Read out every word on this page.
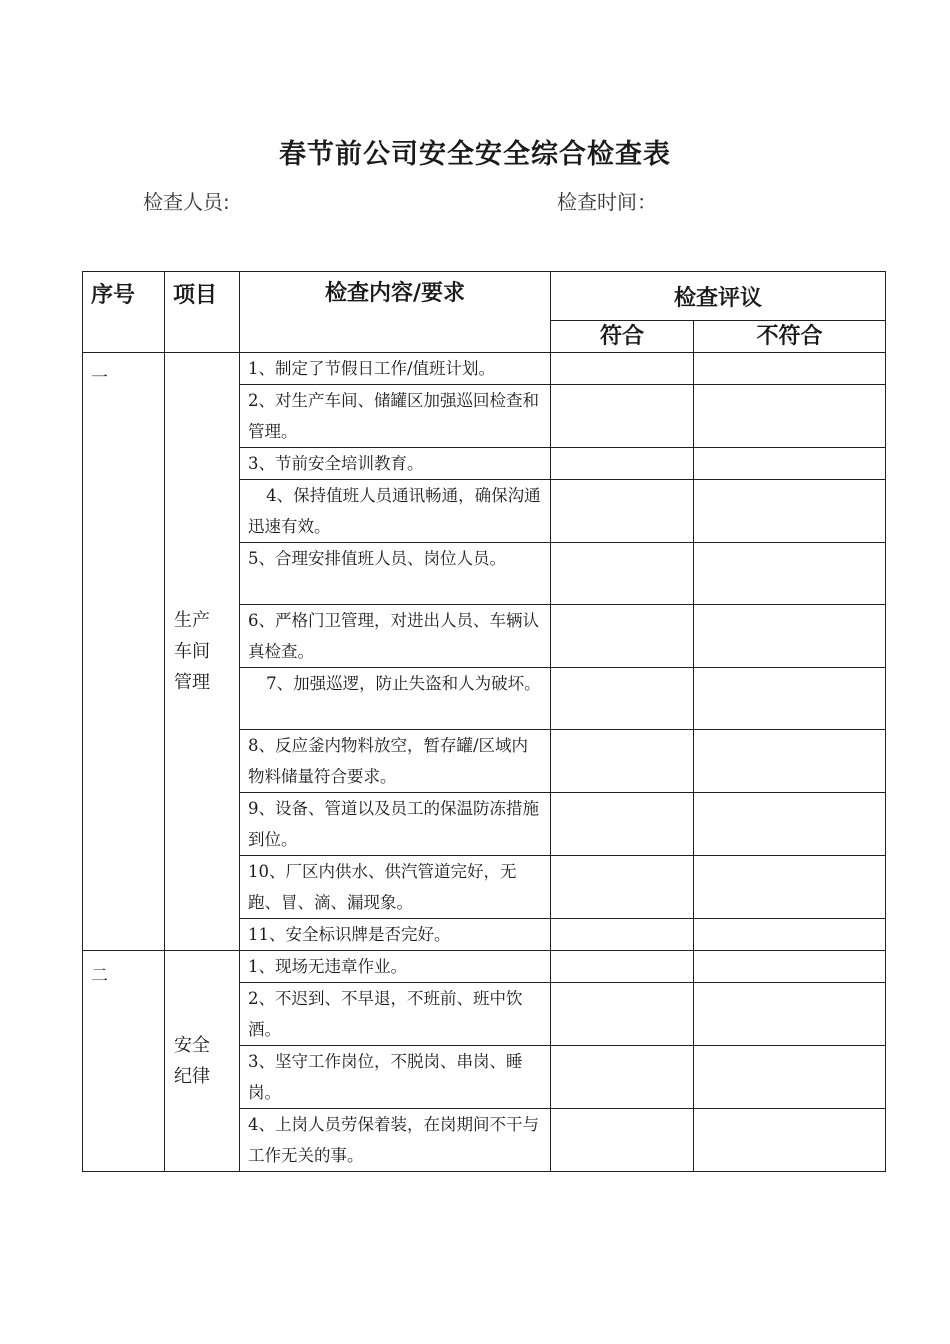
春节前公司安全安全综合检查表
检查人员:	检查时间：
序号	项目	检查内容/要求	检查评议	
			符合	不符合
一	生产车间管理	1、制定了节假日工作/值班计划。		
		2、对生产车间、储罐区加强巡回检查和管理。		
		3、节前安全培训教育。		
		4、保持值班人员通讯畅通，确保沟通迅速有效。		
		5、合理安排值班人员、岗位人员。		
		6、严格门卫管理，对进出人员、车辆认真检查。		
		7、加强巡逻，防止失盗和人为破坏。		
		8、反应釜内物料放空，暂存罐/区域内物料储量符合要求。		
		9、设备、管道以及员工的保温防冻措施到位。		
		10、厂区内供水、供汽管道完好，无跑、冒、滴、漏现象。		
		11、安全标识牌是否完好。		
二	安全纪律	1、现场无违章作业。		
		2、不迟到、不早退，不班前、班中饮酒。		
		3、坚守工作岗位，不脱岗、串岗、睡岗。		
		4、上岗人员劳保着装，在岗期间不干与工作无关的事。		
